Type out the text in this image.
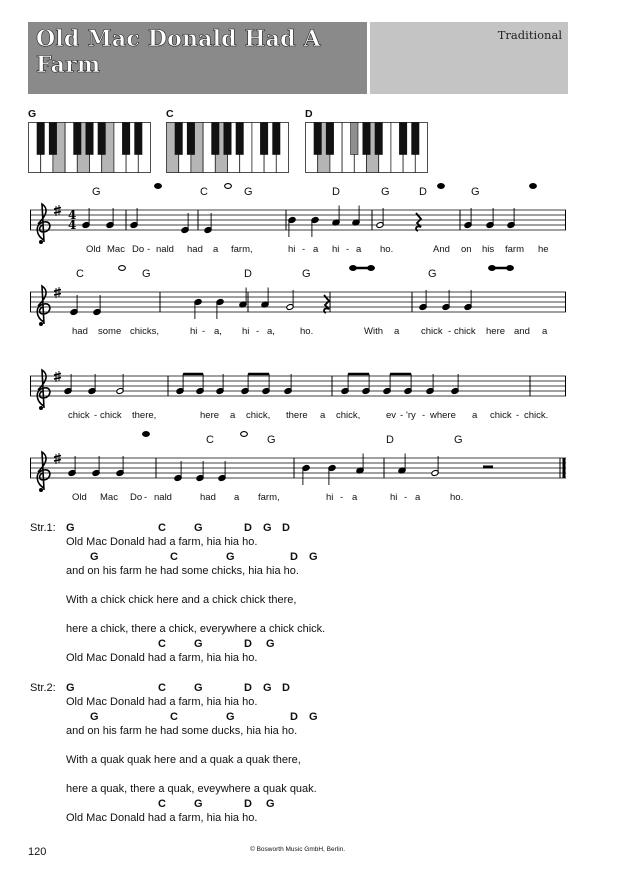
Old Mac Donald Had A Farm
Traditional
G	C	D
G	C	G	D	G	D	G
Old Mac Do - nald had a farm,	hi - a hi - a ho.	And on his farm he
4
4
C	G	D	G	G
had some chicks,	hi - a, hi - a,	ho.	With a chick - chick here and a
chick - chick there,	here a chick, there a chick,	ev - 'ry - where a chick - chick.
C	G	D	G
Old Mac Do - nald	had a farm,	hi - a	hi - a	ho.
Str.1: G	C	G	D G D
Old Mac Donald had a farm, hia hia ho.
G	C	G	D G
and on his farm he had some chicks, hia hia ho.
With a chick chick here and a chick chick there,
here a chick, there a chick, everywhere a chick chick.
C	G	D G
Old Mac Donald had a farm, hia hia ho.
Str.2: G	C	G	D G D
Old Mac Donald had a farm, hia hia ho.
G	C	G	D G
and on his farm he had some ducks, hia hia ho.
With a quak quak here and a quak a quak there,
here a quak, there a quak, eveywhere a quak quak.
C	G	D G
Old Mac Donald had a farm, hia hia ho.
120	© Bosworth Music GmbH, Berlin.
